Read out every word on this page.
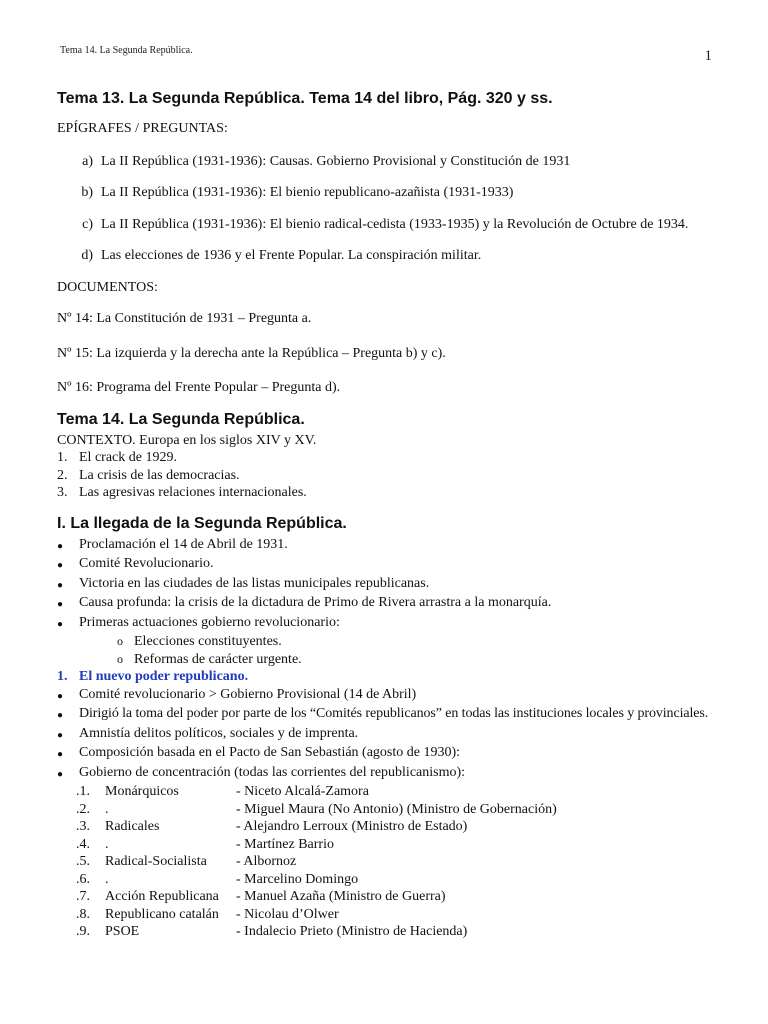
Tema 14. La Segunda República.	1
Tema 13. La Segunda República. Tema 14 del libro, Pág. 320 y ss.

EPÍGRAFES / PREGUNTAS:

a) La II República (1931-1936): Causas. Gobierno Provisional y Constitución de 1931
b) La II República (1931-1936): El bienio republicano-azañista (1931-1933)
c) La II República (1931-1936): El bienio radical-cedista (1933-1935) y la Revolución de Octubre de 1934.
d) Las elecciones de 1936 y el Frente Popular. La conspiración militar.

DOCUMENTOS:

Nº 14: La Constitución de 1931 – Pregunta a.

Nº 15: La izquierda y la derecha ante la República – Pregunta b) y c).

Nº 16: Programa del Frente Popular – Pregunta d).

Tema 14. La Segunda República.

CONTEXTO. Europa en los siglos XIV y XV.

1. El crack de 1929.
2. La crisis de las democracias.
3. Las agresivas relaciones internacionales.
I. La llegada de la Segunda República.
●	Proclamación el 14 de Abril de 1931.
●	Comité Revolucionario.
●	Victoria en las ciudades de las listas municipales republicanas.
●	Causa profunda: la crisis de la dictadura de Primo de Rivera arrastra a la monarquía.
●	Primeras actuaciones gobierno revolucionario:
o Elecciones constituyentes.
o Reformas de carácter urgente.
1. El nuevo poder republicano.
●	Comité revolucionario > Gobierno Provisional (14 de Abril)
●	Dirigió la toma del poder por parte de los “Comités republicanos” en todas las instituciones locales y provinciales.
●	Amnistía delitos políticos, sociales y de imprenta.
●	Composición basada en el Pacto de San Sebastián (agosto de 1930):
●	Gobierno de concentración (todas las corrientes del republicanismo):
.1.	Monárquicos	- Niceto Alcalá-Zamora
.2.	.	- Miguel Maura (No Antonio) (Ministro de Gobernación)
.3.	Radicales	- Alejandro Lerroux (Ministro de Estado)
.4.	.	- Martínez Barrio
.5.	Radical-Socialista	- Albornoz
.6.	.	- Marcelino Domingo
.7.	Acción Republicana	- Manuel Azaña (Ministro de Guerra)
.8.	Republicano catalán	- Nicolau d’Olwer
.9.	PSOE	- Indalecio Prieto (Ministro de Hacienda)
